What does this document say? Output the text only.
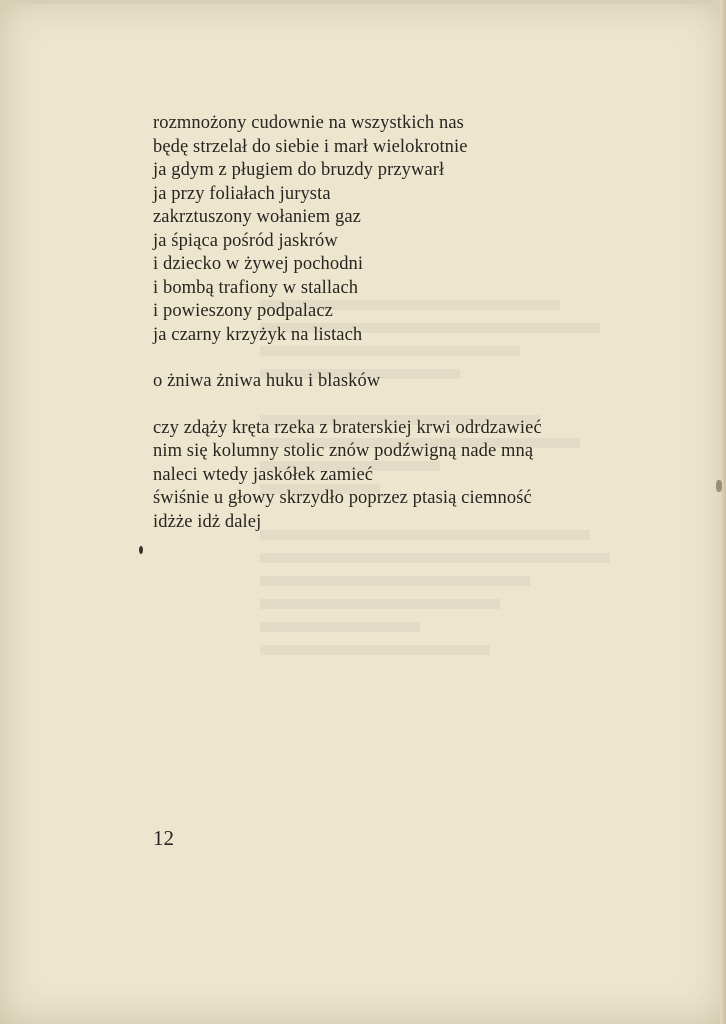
rozmnożony cudownie na wszystkich nas
będę strzelał do siebie i marł wielokrotnie
ja gdym z pługiem do bruzdy przywarł
ja przy foliałach jurysta
zakrztuszony wołaniem gaz
ja śpiąca pośród jaskrów
i dziecko w żywej pochodni
i bombą trafiony w stallach
i powieszony podpalacz
ja czarny krzyżyk na listach
o żniwa żniwa huku i blasków
czy zdąży kręta rzeka z braterskiej krwi odrdzawieć
nim się kolumny stolic znów podźwigną nade mną
naleci wtedy jaskółek zamieć
świśnie u głowy skrzydło poprzez ptasią ciemność
idżże idż dalej
12
